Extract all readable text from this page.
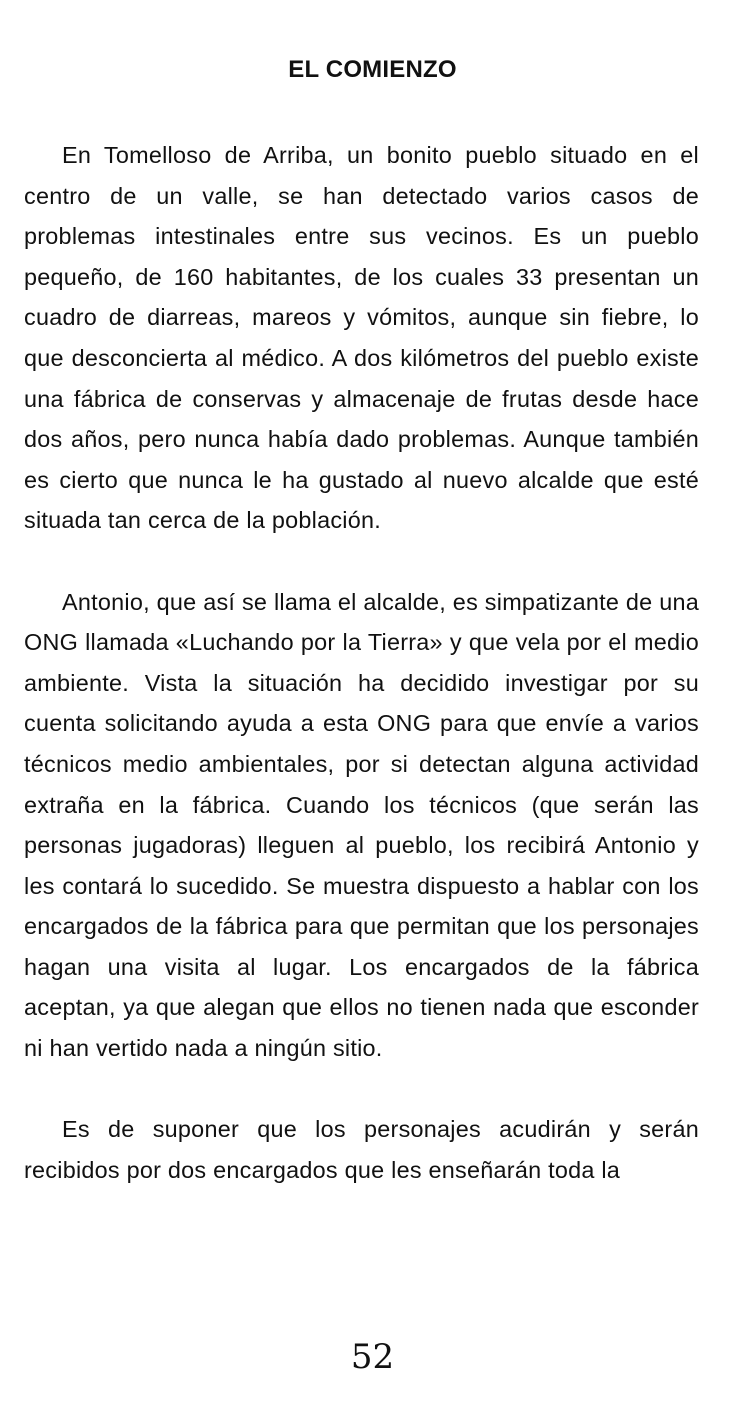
EL COMIENZO

En Tomelloso de Arriba, un bonito pueblo situado en el centro de un valle, se han detectado varios casos de problemas intestinales entre sus vecinos. Es un pueblo pequeño, de 160 habitantes, de los cuales 33 presentan un cuadro de diarreas, mareos y vómitos, aunque sin fiebre, lo que desconcierta al médico. A dos kilómetros del pueblo existe una fábrica de conservas y almacenaje de frutas desde hace dos años, pero nunca había dado problemas. Aunque también es cierto que nunca le ha gustado al nuevo alcalde que esté situada tan cerca de la población.

Antonio, que así se llama el alcalde, es simpatizante de una ONG llamada «Luchando por la Tierra» y que vela por el medio ambiente. Vista la situación ha decidido investigar por su cuenta solicitando ayuda a esta ONG para que envíe a varios técnicos medio ambientales, por si detectan alguna actividad extraña en la fábrica. Cuando los técnicos (que serán las personas jugadoras) lleguen al pueblo, los recibirá Antonio y les contará lo sucedido. Se muestra dispuesto a hablar con los encargados de la fábrica para que permitan que los personajes hagan una visita al lugar. Los encargados de la fábrica aceptan, ya que alegan que ellos no tienen nada que esconder ni han vertido nada a ningún sitio.

Es de suponer que los personajes acudirán y serán recibidos por dos encargados que les enseñarán toda la

52
